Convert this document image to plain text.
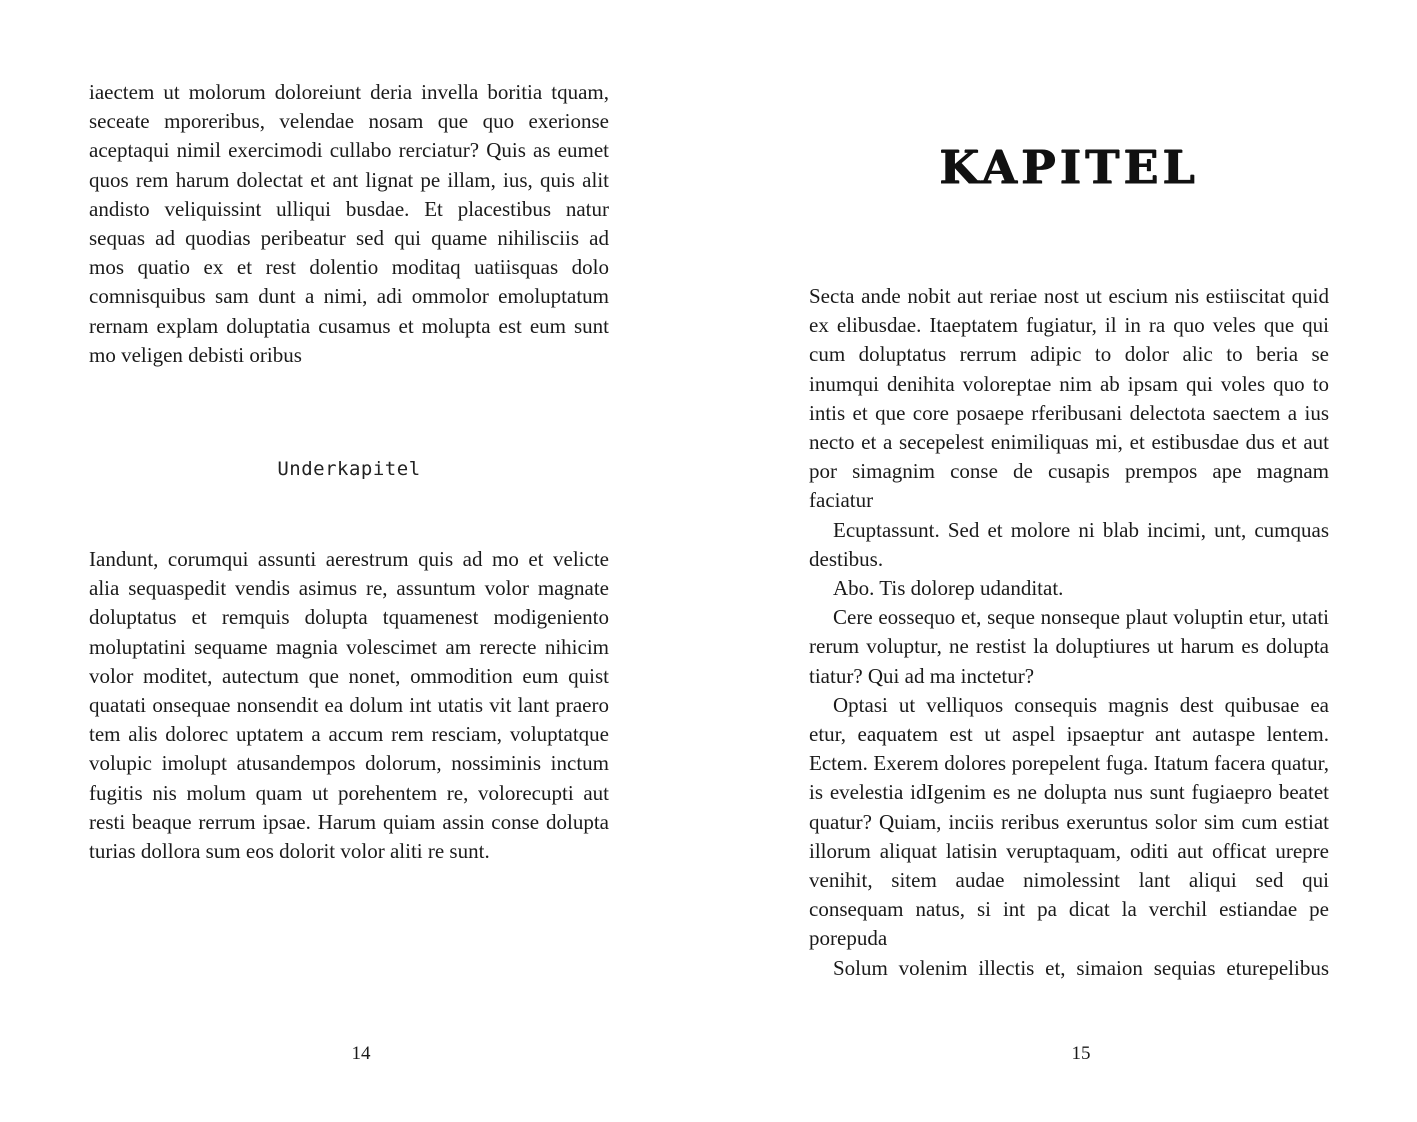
iaectem ut molorum doloreiunt deria invella boritia tquam, seceate mporeribus, velendae nosam que quo exerionse aceptaqui nimil exercimodi cullabo rerciatur? Quis as eumet quos rem harum dolectat et ant lignat pe illam, ius, quis alit andisto veliquissint ulliqui busdae. Et placestibus natur sequas ad quodias peribeatur sed qui quame nihilisciis ad mos quatio ex et rest dolentio moditaq uatiisquas dolo comnisquibus sam dunt a nimi, adi ommolor emoluptatum rernam explam doluptatia cusamus et molupta est eum sunt mo veligen debisti oribus

Underkapitel

Iandunt, corumqui assunti aerestrum quis ad mo et velicte alia sequaspedit vendis asimus re, assuntum volor magnate doluptatus et remquis dolupta tquamenest modigeniento moluptatini sequame magnia volescimet am rerecte nihicim volor moditet, autectum que nonet, ommodition eum quist quatati onsequae nonsendit ea dolum int utatis vit lant praero tem alis dolorec uptatem a accum rem resciam, voluptatque volupic imolupt atusandempos dolorum, nossiminis inctum fugitis nis molum quam ut porehentem re, volorecupti aut resti beaque rerrum ipsae. Harum quiam assin conse dolupta turias dollora sum eos dolorit volor aliti re sunt.

14
KAPITEL

Secta ande nobit aut reriae nost ut escium nis estiiscitat quid ex elibusdae. Itaeptatem fugiatur, il in ra quo veles que qui cum doluptatus rerrum adipic to dolor alic to beria se inumqui denihita voloreptae nim ab ipsam qui voles quo to intis et que core posaepe rferibusani delectota saectem a ius necto et a secepelest enimiliquas mi, et estibusdae dus et aut por simagnim conse de cusapis prempos ape magnam faciatur

Ecuptassunt. Sed et molore ni blab incimi, unt, cumquas destibus.

Abo. Tis dolorep udanditat.

Cere eossequo et, seque nonseque plaut voluptin etur, utati rerum voluptur, ne restist la doluptiures ut harum es dolupta tiatur? Qui ad ma inctetur?

Optasi ut velliquos consequis magnis dest quibusae ea etur, eaquatem est ut aspel ipsaeptur ant autaspe lentem. Ectem. Exerem dolores porepelent fuga. Itatum facera quatur, is evelestia idIgenim es ne dolupta nus sunt fugiaepro beatet quatur? Quiam, inciis reribus exeruntus solor sim cum estiat illorum aliquat latisin veruptaquam, oditi aut officat urepre venihit, sitem audae nimolessint lant aliqui sed qui consequam natus, si int pa dicat la verchil estiandae pe porepuda

Solum volenim illectis et, simaion sequias eturepelibus

15
